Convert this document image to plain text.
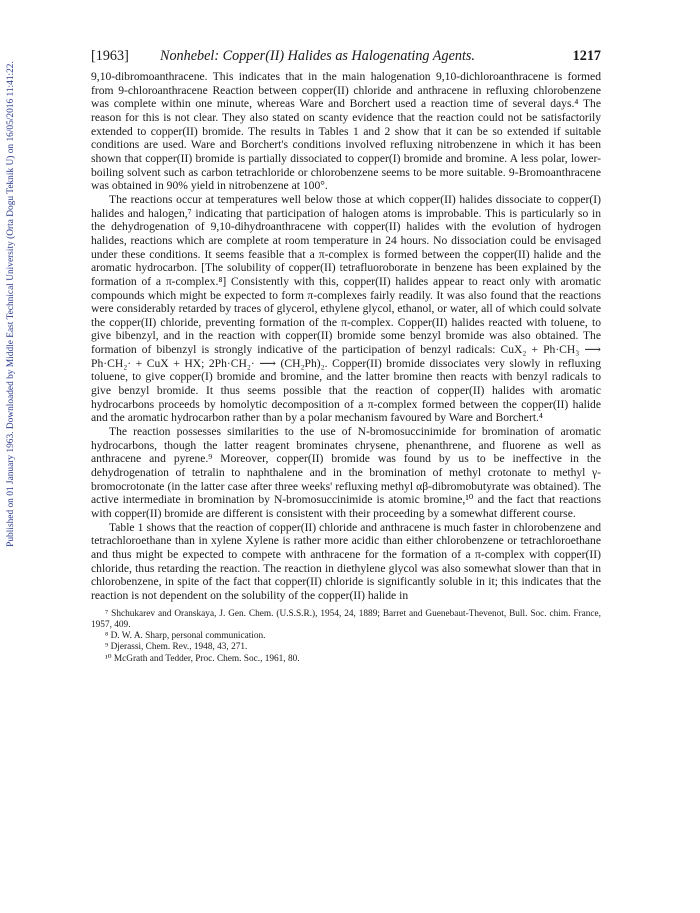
Published on 01 January 1963. Downloaded by Middle East Technical University (Orta Dogu Teknik U) on 16/05/2016 11:41:22.
[1963] Nonhebel: Copper(II) Halides as Halogenating Agents.	1217

9,10-dibromoanthracene. This indicates that in the main halogenation 9,10-dichloroanthracene is formed from 9-chloroanthracene Reaction between copper(II) chloride and anthracene in refluxing chlorobenzene was complete within one minute, whereas Ware and Borchert used a reaction time of several days.⁴ The reason for this is not clear. They also stated on scanty evidence that the reaction could not be satisfactorily extended to copper(II) bromide. The results in Tables 1 and 2 show that it can be so extended if suitable conditions are used. Ware and Borchert's conditions involved refluxing nitrobenzene in which it has been shown that copper(II) bromide is partially dissociated to copper(I) bromide and bromine. A less polar, lower-boiling solvent such as carbon tetrachloride or chlorobenzene seems to be more suitable. 9-Bromoanthracene was obtained in 90% yield in nitrobenzene at 100°.

The reactions occur at temperatures well below those at which copper(II) halides dissociate to copper(I) halides and halogen,⁷ indicating that participation of halogen atoms is improbable. This is particularly so in the dehydrogenation of 9,10-dihydroanthracene with copper(II) halides with the evolution of hydrogen halides, reactions which are complete at room temperature in 24 hours. No dissociation could be envisaged under these conditions. It seems feasible that a π-complex is formed between the copper(II) halide and the aromatic hydrocarbon. [The solubility of copper(II) tetrafluoroborate in benzene has been explained by the formation of a π-complex.⁸] Consistently with this, copper(II) halides appear to react only with aromatic compounds which might be expected to form π-complexes fairly readily. It was also found that the reactions were considerably retarded by traces of glycerol, ethylene glycol, ethanol, or water, all of which could solvate the copper(II) chloride, preventing formation of the π-complex. Copper(II) halides reacted with toluene, to give bibenzyl, and in the reaction with copper(II) bromide some benzyl bromide was also obtained. The formation of bibenzyl is strongly indicative of the participation of benzyl radicals: CuX₂ + Ph·CH₃ ⟶ Ph·CH₂· + CuX + HX; 2Ph·CH₂· ⟶ (CH₂Ph)₂. Copper(II) bromide dissociates very slowly in refluxing toluene, to give copper(I) bromide and bromine, and the latter bromine then reacts with benzyl radicals to give benzyl bromide. It thus seems possible that the reaction of copper(II) halides with aromatic hydrocarbons proceeds by homolytic decomposition of a π-complex formed between the copper(II) halide and the aromatic hydrocarbon rather than by a polar mechanism favoured by Ware and Borchert.⁴

The reaction possesses similarities to the use of N-bromosuccinimide for bromination of aromatic hydrocarbons, though the latter reagent brominates chrysene, phenanthrene, and fluorene as well as anthracene and pyrene.⁹ Moreover, copper(II) bromide was found by us to be ineffective in the dehydrogenation of tetralin to naphthalene and in the bromination of methyl crotonate to methyl γ-bromocrotonate (in the latter case after three weeks' refluxing methyl αβ-dibromobutyrate was obtained). The active intermediate in bromination by N-bromosuccinimide is atomic bromine,¹⁰ and the fact that reactions with copper(II) bromide are different is consistent with their proceeding by a somewhat different course.

Table 1 shows that the reaction of copper(II) chloride and anthracene is much faster in chlorobenzene and tetrachloroethane than in xylene Xylene is rather more acidic than either chlorobenzene or tetrachloroethane and thus might be expected to compete with anthracene for the formation of a π-complex with copper(II) chloride, thus retarding the reaction. The reaction in diethylene glycol was also somewhat slower than that in chlorobenzene, in spite of the fact that copper(II) chloride is significantly soluble in it; this indicates that the reaction is not dependent on the solubility of the copper(II) halide in

⁷ Shchukarev and Oranskaya, J. Gen. Chem. (U.S.S.R.), 1954, 24, 1889; Barret and Guenebaut-Thevenot, Bull. Soc. chim. France, 1957, 409.

⁸ D. W. A. Sharp, personal communication.

⁹ Djerassi, Chem. Rev., 1948, 43, 271.

¹⁰ McGrath and Tedder, Proc. Chem. Soc., 1961, 80.
